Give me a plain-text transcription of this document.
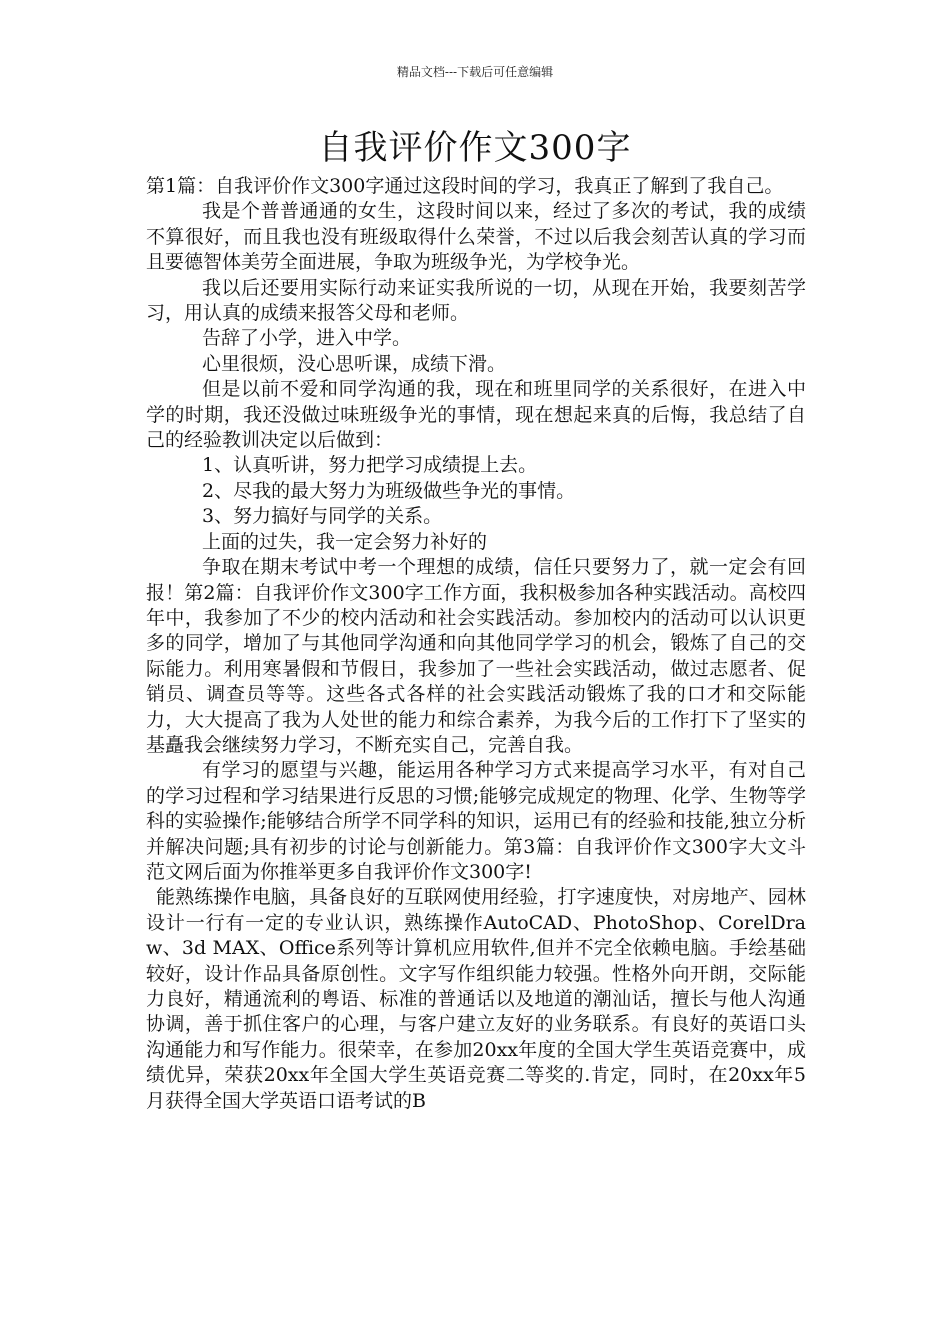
精品文档---下载后可任意编辑
自我评价作文300字

第1篇：自我评价作文300字通过这段时间的学习，我真正了解到了我自己。

我是个普普通通的女生，这段时间以来，经过了多次的考试，我的成绩不算很好，而且我也没有班级取得什么荣誉，不过以后我会刻苦认真的学习而且要德智体美劳全面进展，争取为班级争光，为学校争光。

我以后还要用实际行动来证实我所说的一切，从现在开始，我要刻苦学习，用认真的成绩来报答父母和老师。

告辞了小学，进入中学。

心里很烦，没心思听课，成绩下滑。

但是以前不爱和同学沟通的我，现在和班里同学的关系很好，在进入中学的时期，我还没做过味班级争光的事情，现在想起来真的后悔，我总结了自己的经验教训决定以后做到：

1、认真听讲，努力把学习成绩提上去。

2、尽我的最大努力为班级做些争光的事情。

3、努力搞好与同学的关系。

上面的过失，我一定会努力补好的

争取在期末考试中考一个理想的成绩，信任只要努力了，就一定会有回报！第2篇：自我评价作文300字工作方面，我积极参加各种实践活动。高校四年中，我参加了不少的校内活动和社会实践活动。参加校内的活动可以认识更多的同学，增加了与其他同学沟通和向其他同学学习的机会，锻炼了自己的交际能力。利用寒暑假和节假日，我参加了一些社会实践活动，做过志愿者、促销员、调查员等等。这些各式各样的社会实践活动锻炼了我的口才和交际能力，大大提高了我为人处世的能力和综合素养，为我今后的工作打下了坚实的基矗我会继续努力学习，不断充实自己，完善自我。

有学习的愿望与兴趣，能运用各种学习方式来提高学习水平，有对自己的学习过程和学习结果进行反思的习惯;能够完成规定的物理、化学、生物等学科的实验操作;能够结合所学不同学科的知识，运用已有的经验和技能,独立分析并解决问题;具有初步的讨论与创新能力。第3篇：自我评价作文300字大文斗范文网后面为你推举更多自我评价作文300字!

能熟练操作电脑，具备良好的互联网使用经验，打字速度快，对房地产、园林设计一行有一定的专业认识，熟练操作AutoCAD、PhotoShop、CorelDraw、3d MAX、Office系列等计算机应用软件,但并不完全依赖电脑。手绘基础较好，设计作品具备原创性。文字写作组织能力较强。性格外向开朗，交际能力良好，精通流利的粤语、标准的普通话以及地道的潮汕话，擅长与他人沟通协调，善于抓住客户的心理，与客户建立友好的业务联系。有良好的英语口头沟通能力和写作能力。很荣幸，在参加20xx年度的全国大学生英语竞赛中，成绩优异，荣获20xx年全国大学生英语竞赛二等奖的.肯定，同时，在20xx年5月获得全国大学英语口语考试的B
